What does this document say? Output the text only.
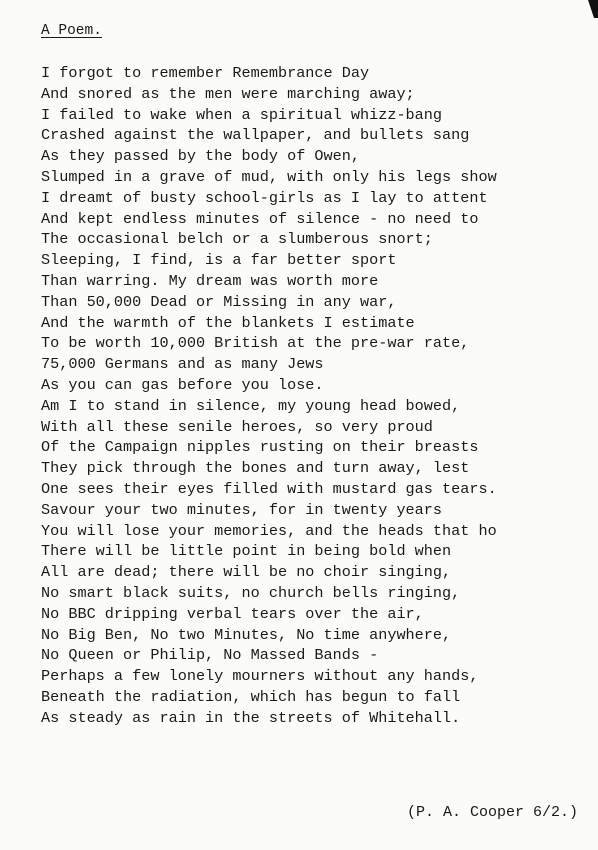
A Poem.
I forgot to remember Remembrance Day
And snored as the men were marching away;
I failed to wake when a spiritual whizz-bang
Crashed against the wallpaper, and bullets sang
As they passed by the body of Owen,
Slumped in a grave of mud, with only his legs show
I dreamt of busty school-girls as I lay to attent
And kept endless minutes of silence - no need to
The occasional belch or a slumberous snort;
Sleeping, I find, is a far better sport
Than warring. My dream was worth more
Than 50,000 Dead or Missing in any war,
And the warmth of the blankets I estimate
To be worth 10,000 British at the pre-war rate,
75,000 Germans and as many Jews
As you can gas before you lose.
Am I to stand in silence, my young head bowed,
With all these senile heroes, so very proud
Of the Campaign nipples rusting on their breasts
They pick through the bones and turn away, lest
One sees their eyes filled with mustard gas tears.
Savour your two minutes, for in twenty years
You will lose your memories, and the heads that ho
There will be little point in being bold when
All are dead; there will be no choir singing,
No smart black suits, no church bells ringing,
No BBC dripping verbal tears over the air,
No Big Ben, No two Minutes, No time anywhere,
No Queen or Philip, No Massed Bands -
Perhaps a few lonely mourners without any hands,
Beneath the radiation, which has begun to fall
As steady as rain in the streets of Whitehall.
(P. A. Cooper 6/2.)
